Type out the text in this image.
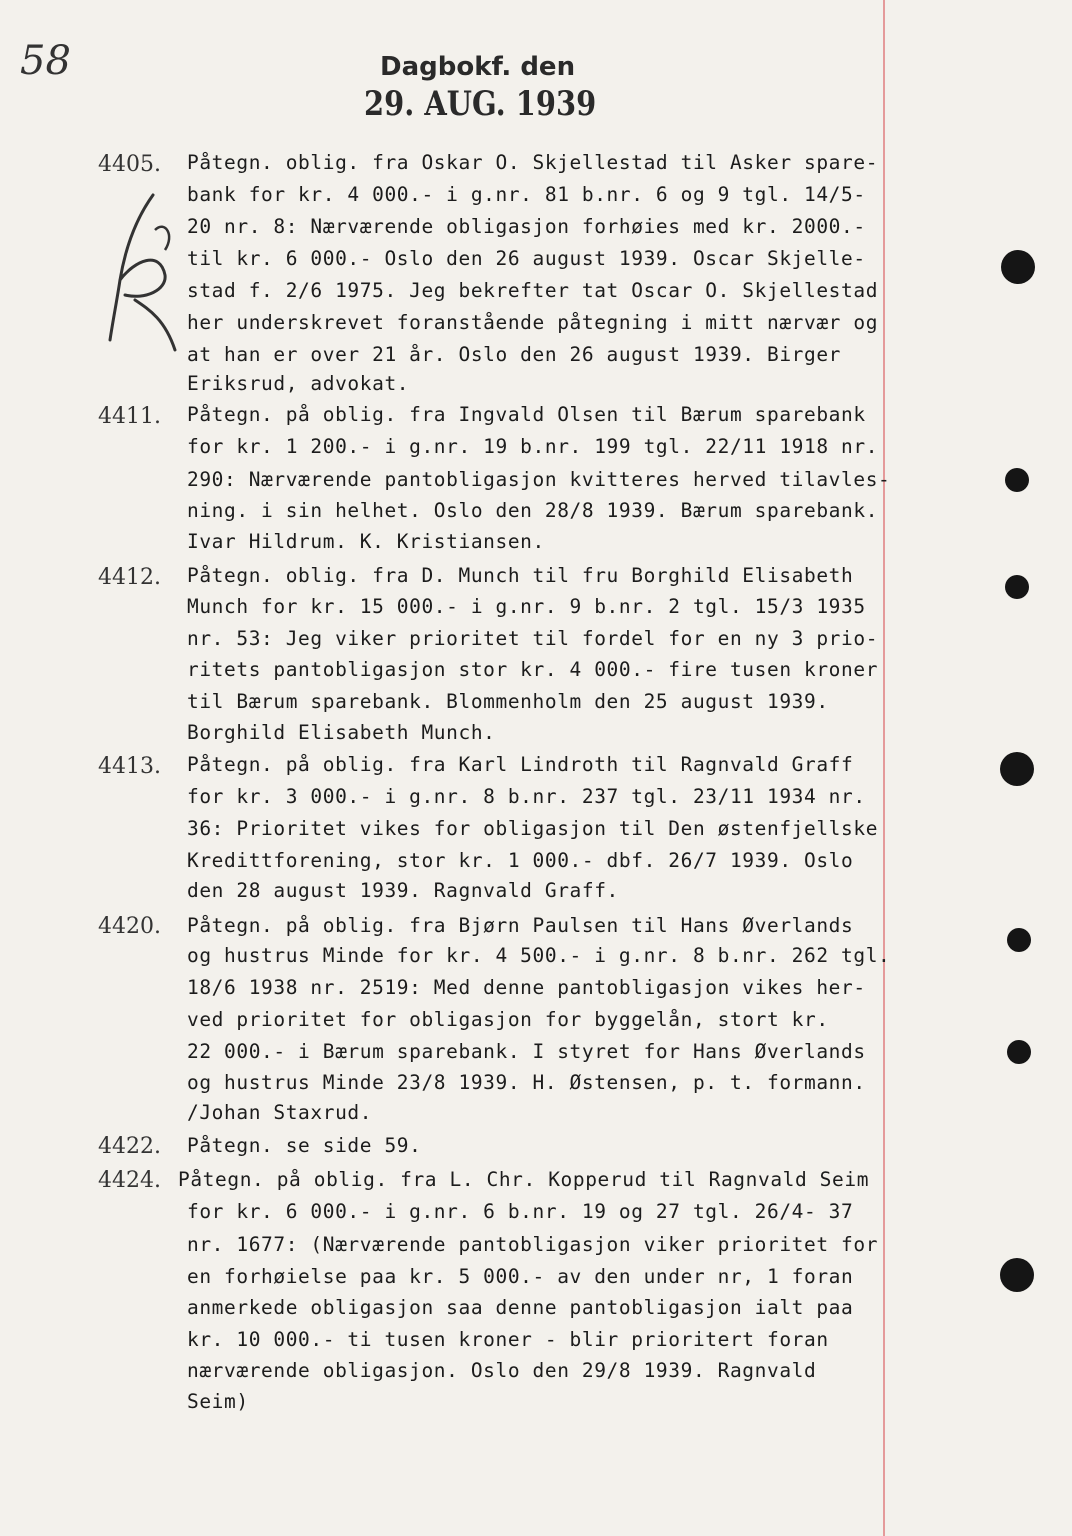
58	Dagbokf. den
29. AUG. 1939
4405. Påtegn. oblig. fra Oskar O. Skjellestad til Asker spare-
bank for kr. 4 000.- i g.nr. 81 b.nr. 6 og 9 tgl. 14/5-
20 nr. 8: Nærværende obligasjon forhøies med kr. 2000.-
til kr. 6 000.- Oslo den 26 august 1939. Oscar Skjelle-
stad f. 2/6 1975. Jeg bekrefter tat Oscar O. Skjellestad
her underskrevet foranstående påtegning i mitt nærvær og
at han er over 21 år. Oslo den 26 august 1939. Birger
Eriksrud, advokat.
4411. Påtegn. på oblig. fra Ingvald Olsen til Bærum sparebank
for kr. 1 200.- i g.nr. 19 b.nr. 199 tgl. 22/11 1918 nr.
290: Nærværende pantobligasjon kvitteres herved tilavles-
ning. i sin helhet. Oslo den 28/8 1939. Bærum sparebank.
Ivar Hildrum. K. Kristiansen.
4412. Påtegn. oblig. fra D. Munch til fru Borghild Elisabeth
Munch for kr. 15 000.- i g.nr. 9 b.nr. 2 tgl. 15/3 1935
nr. 53: Jeg viker prioritet til fordel for en ny 3 prio-
ritets pantobligasjon stor kr. 4 000.- fire tusen kroner
til Bærum sparebank. Blommenholm den 25 august 1939.
Borghild Elisabeth Munch.
4413. Påtegn. på oblig. fra Karl Lindroth til Ragnvald Graff
for kr. 3 000.- i g.nr. 8 b.nr. 237 tgl. 23/11 1934 nr.
36: Prioritet vikes for obligasjon til Den østenfjellske
Kredittforening, stor kr. 1 000.- dbf. 26/7 1939. Oslo
den 28 august 1939. Ragnvald Graff.
4420. Påtegn. på oblig. fra Bjørn Paulsen til Hans Øverlands
og hustrus Minde for kr. 4 500.- i g.nr. 8 b.nr. 262 tgl.
18/6 1938 nr. 2519: Med denne pantobligasjon vikes her-
ved prioritet for obligasjon for byggelån, stort kr.
22 000.- i Bærum sparebank. I styret for Hans Øverlands
og hustrus Minde 23/8 1939. H. Østensen, p. t. formann.
/Johan Staxrud.
4422. Påtegn. se side 59.
4424. Påtegn. på oblig. fra L. Chr. Kopperud til Ragnvald Seim
for kr. 6 000.- i g.nr. 6 b.nr. 19 og 27 tgl. 26/4- 37
nr. 1677: (Nærværende pantobligasjon viker prioritet for
en forhøielse paa kr. 5 000.- av den under nr, 1 foran
anmerkede obligasjon saa denne pantobligasjon ialt paa
kr. 10 000.- ti tusen kroner - blir prioritert foran
nærværende obligasjon. Oslo den 29/8 1939. Ragnvald
Seim)
